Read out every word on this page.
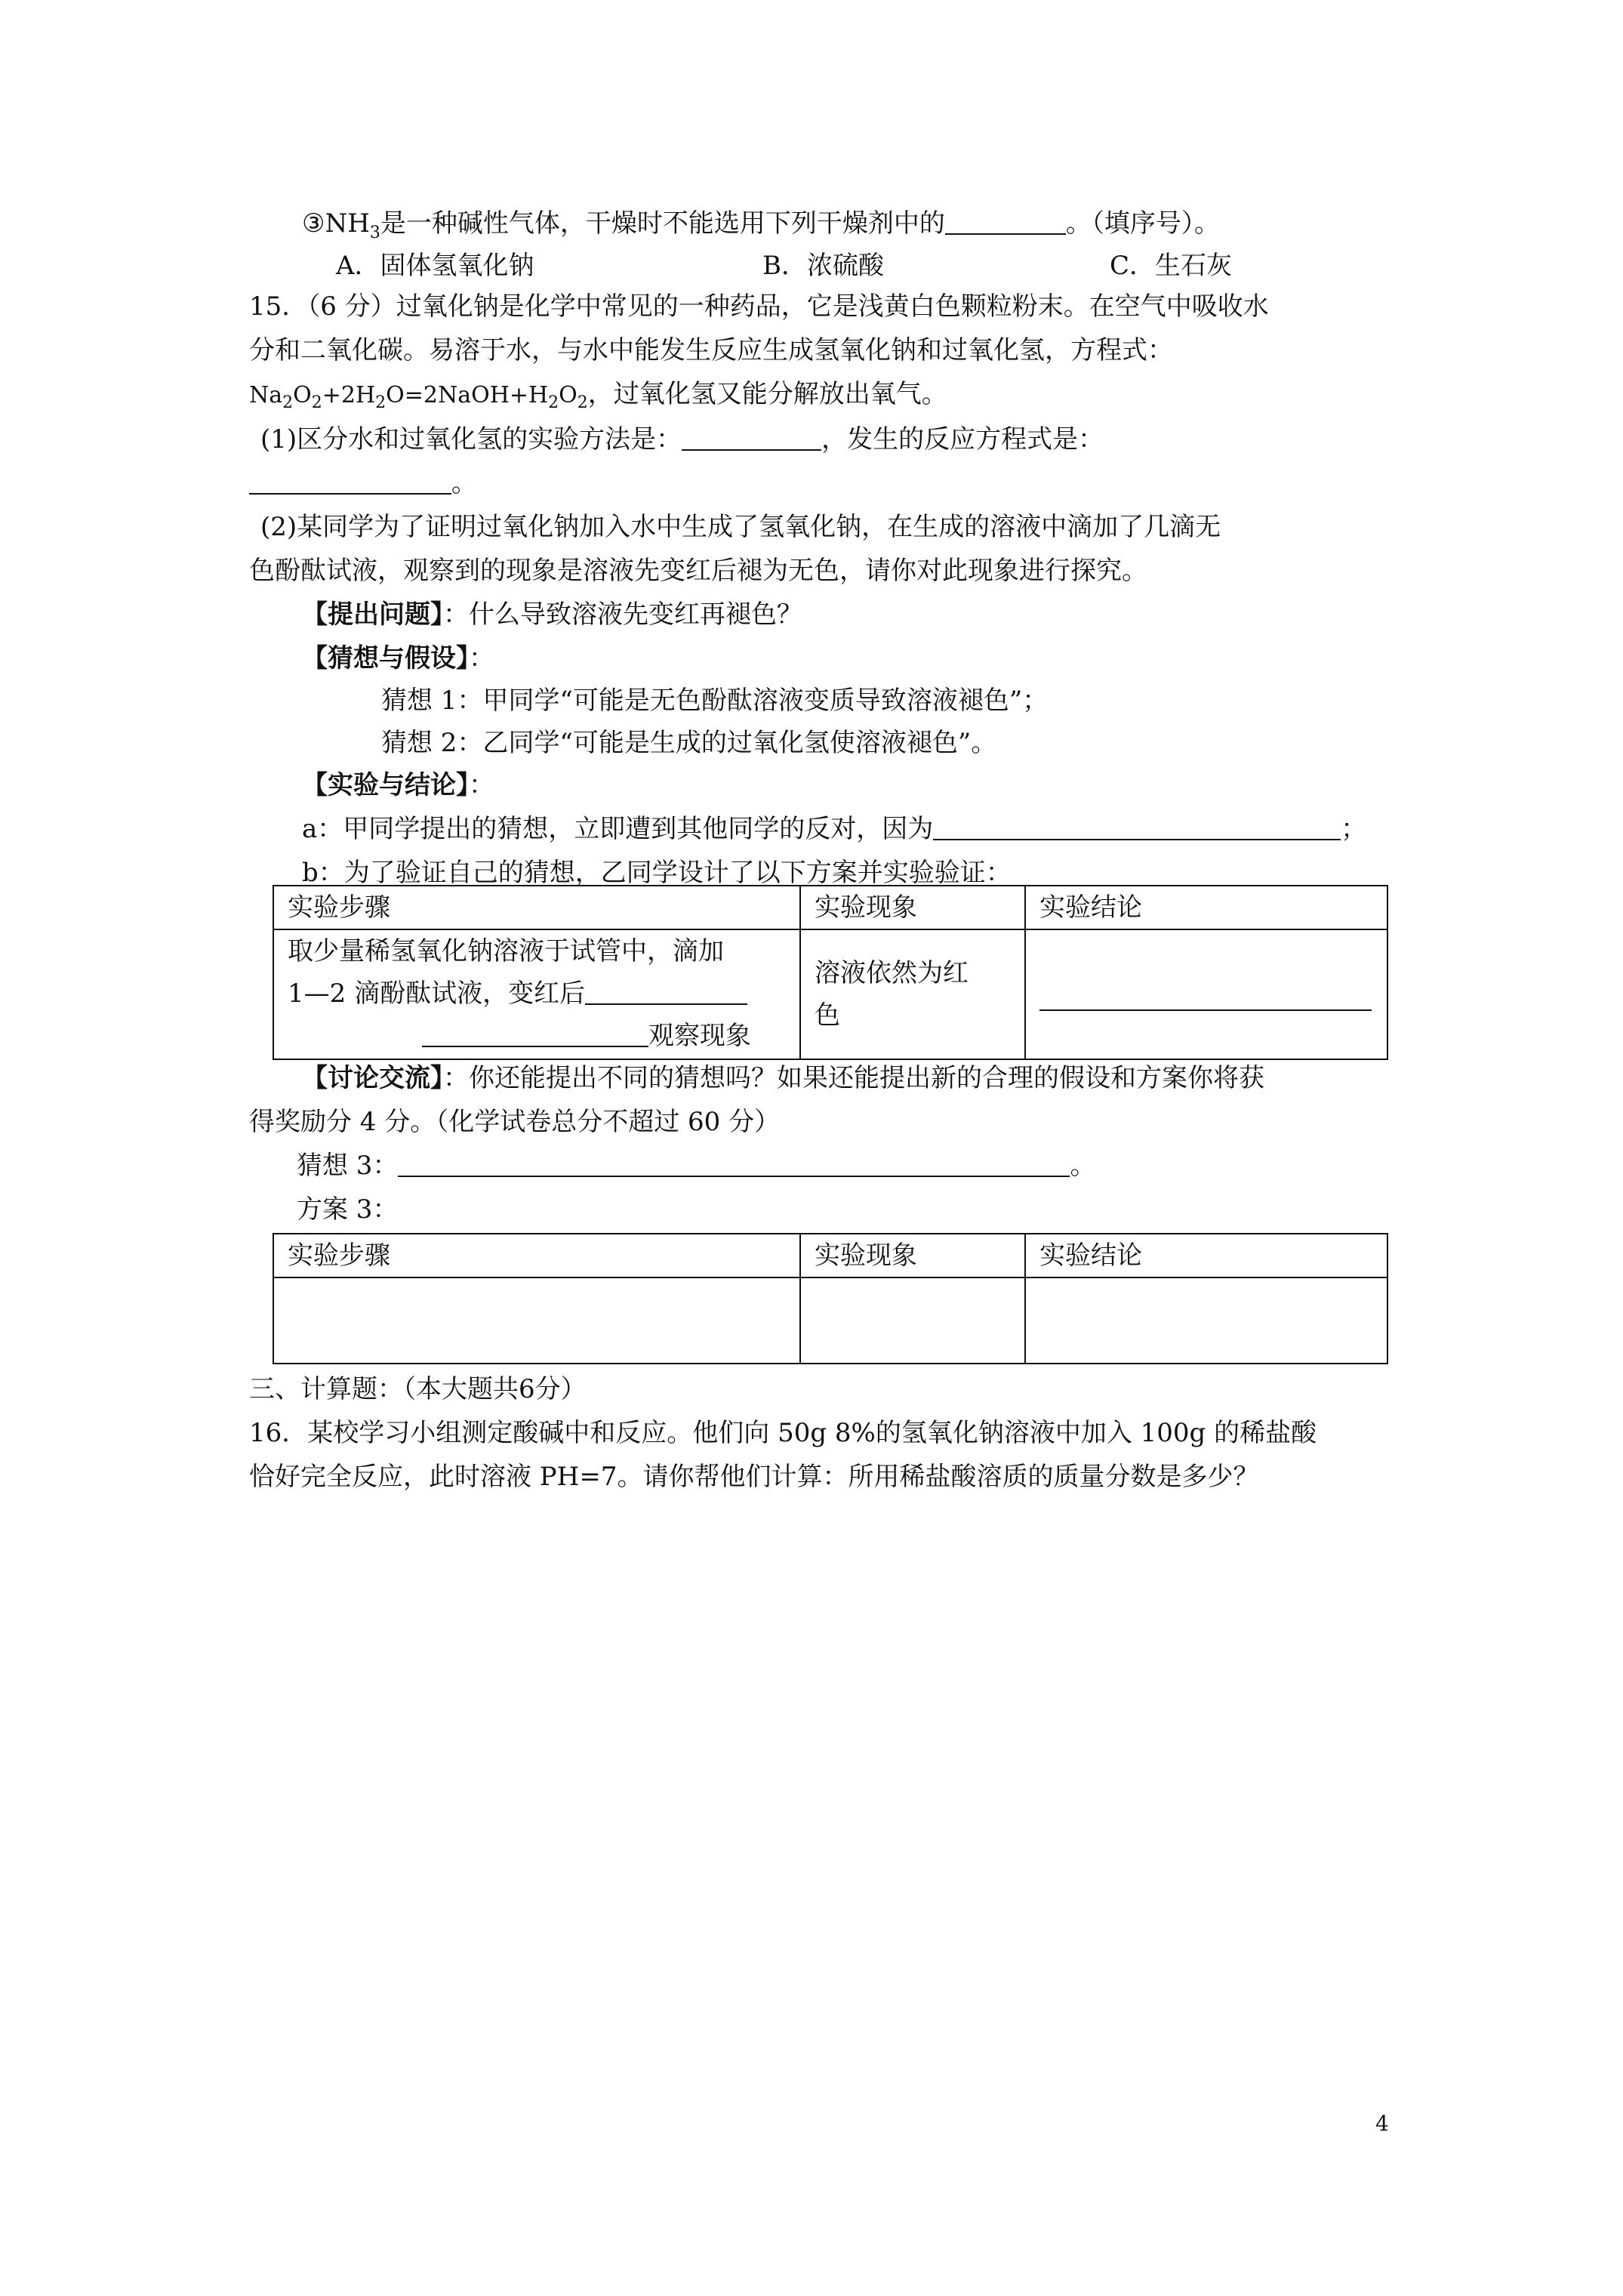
$③NH_3$是一种碱性气体，干燥时不能选用下列干燥剂中的	。（填序号）。
A．固体氢氧化钠	B．浓硫酸	C．生石灰
15．（6 分）过氧化钠是化学中常见的一种药品，它是浅黄白色颗粒粉末。在空气中吸收水
分和二氧化碳。易溶于水，与水中能发生反应生成氢氧化钠和过氧化氢，方程式：
$Na_2O_2+2H_2O=2NaOH+H_2O_2$，过氧化氢又能分解放出氧气。
(1)区分水和过氧化氢的实验方法是：	，发生的反应方程式是：
。
(2)某同学为了证明过氧化钠加入水中生成了氢氧化钠，在生成的溶液中滴加了几滴无
色酚酞试液，观察到的现象是溶液先变红后褪为无色，请你对此现象进行探究。
【提出问题】：什么导致溶液先变红再褪色？
【猜想与假设】：
猜想 1：甲同学“可能是无色酚酞溶液变质导致溶液褪色”；
猜想 2：乙同学“可能是生成的过氧化氢使溶液褪色”。
【实验与结论】：
a：甲同学提出的猜想，立即遭到其他同学的反对，因为	；
b：为了验证自己的猜想，乙同学设计了以下方案并实验验证：
实验步骤	实验现象	实验结论

取少量稀氢氧化钠溶液于试管中，滴加
1—2 滴酚酞试液，变红后
观察现象	溶液依然为红
色	

【讨论交流】：你还能提出不同的猜想吗？如果还能提出新的合理的假设和方案你将获
得奖励分 4 分。（化学试卷总分不超过 60 分）
猜想 3：	。
方案 3：
实验步骤	实验现象	实验结论

三、计算题：（本大题共6分）
16．某校学习小组测定酸碱中和反应。他们向 50g 8%的氢氧化钠溶液中加入 100g 的稀盐酸
恰好完全反应，此时溶液 PH=7。请你帮他们计算：所用稀盐酸溶质的质量分数是多少？
4
